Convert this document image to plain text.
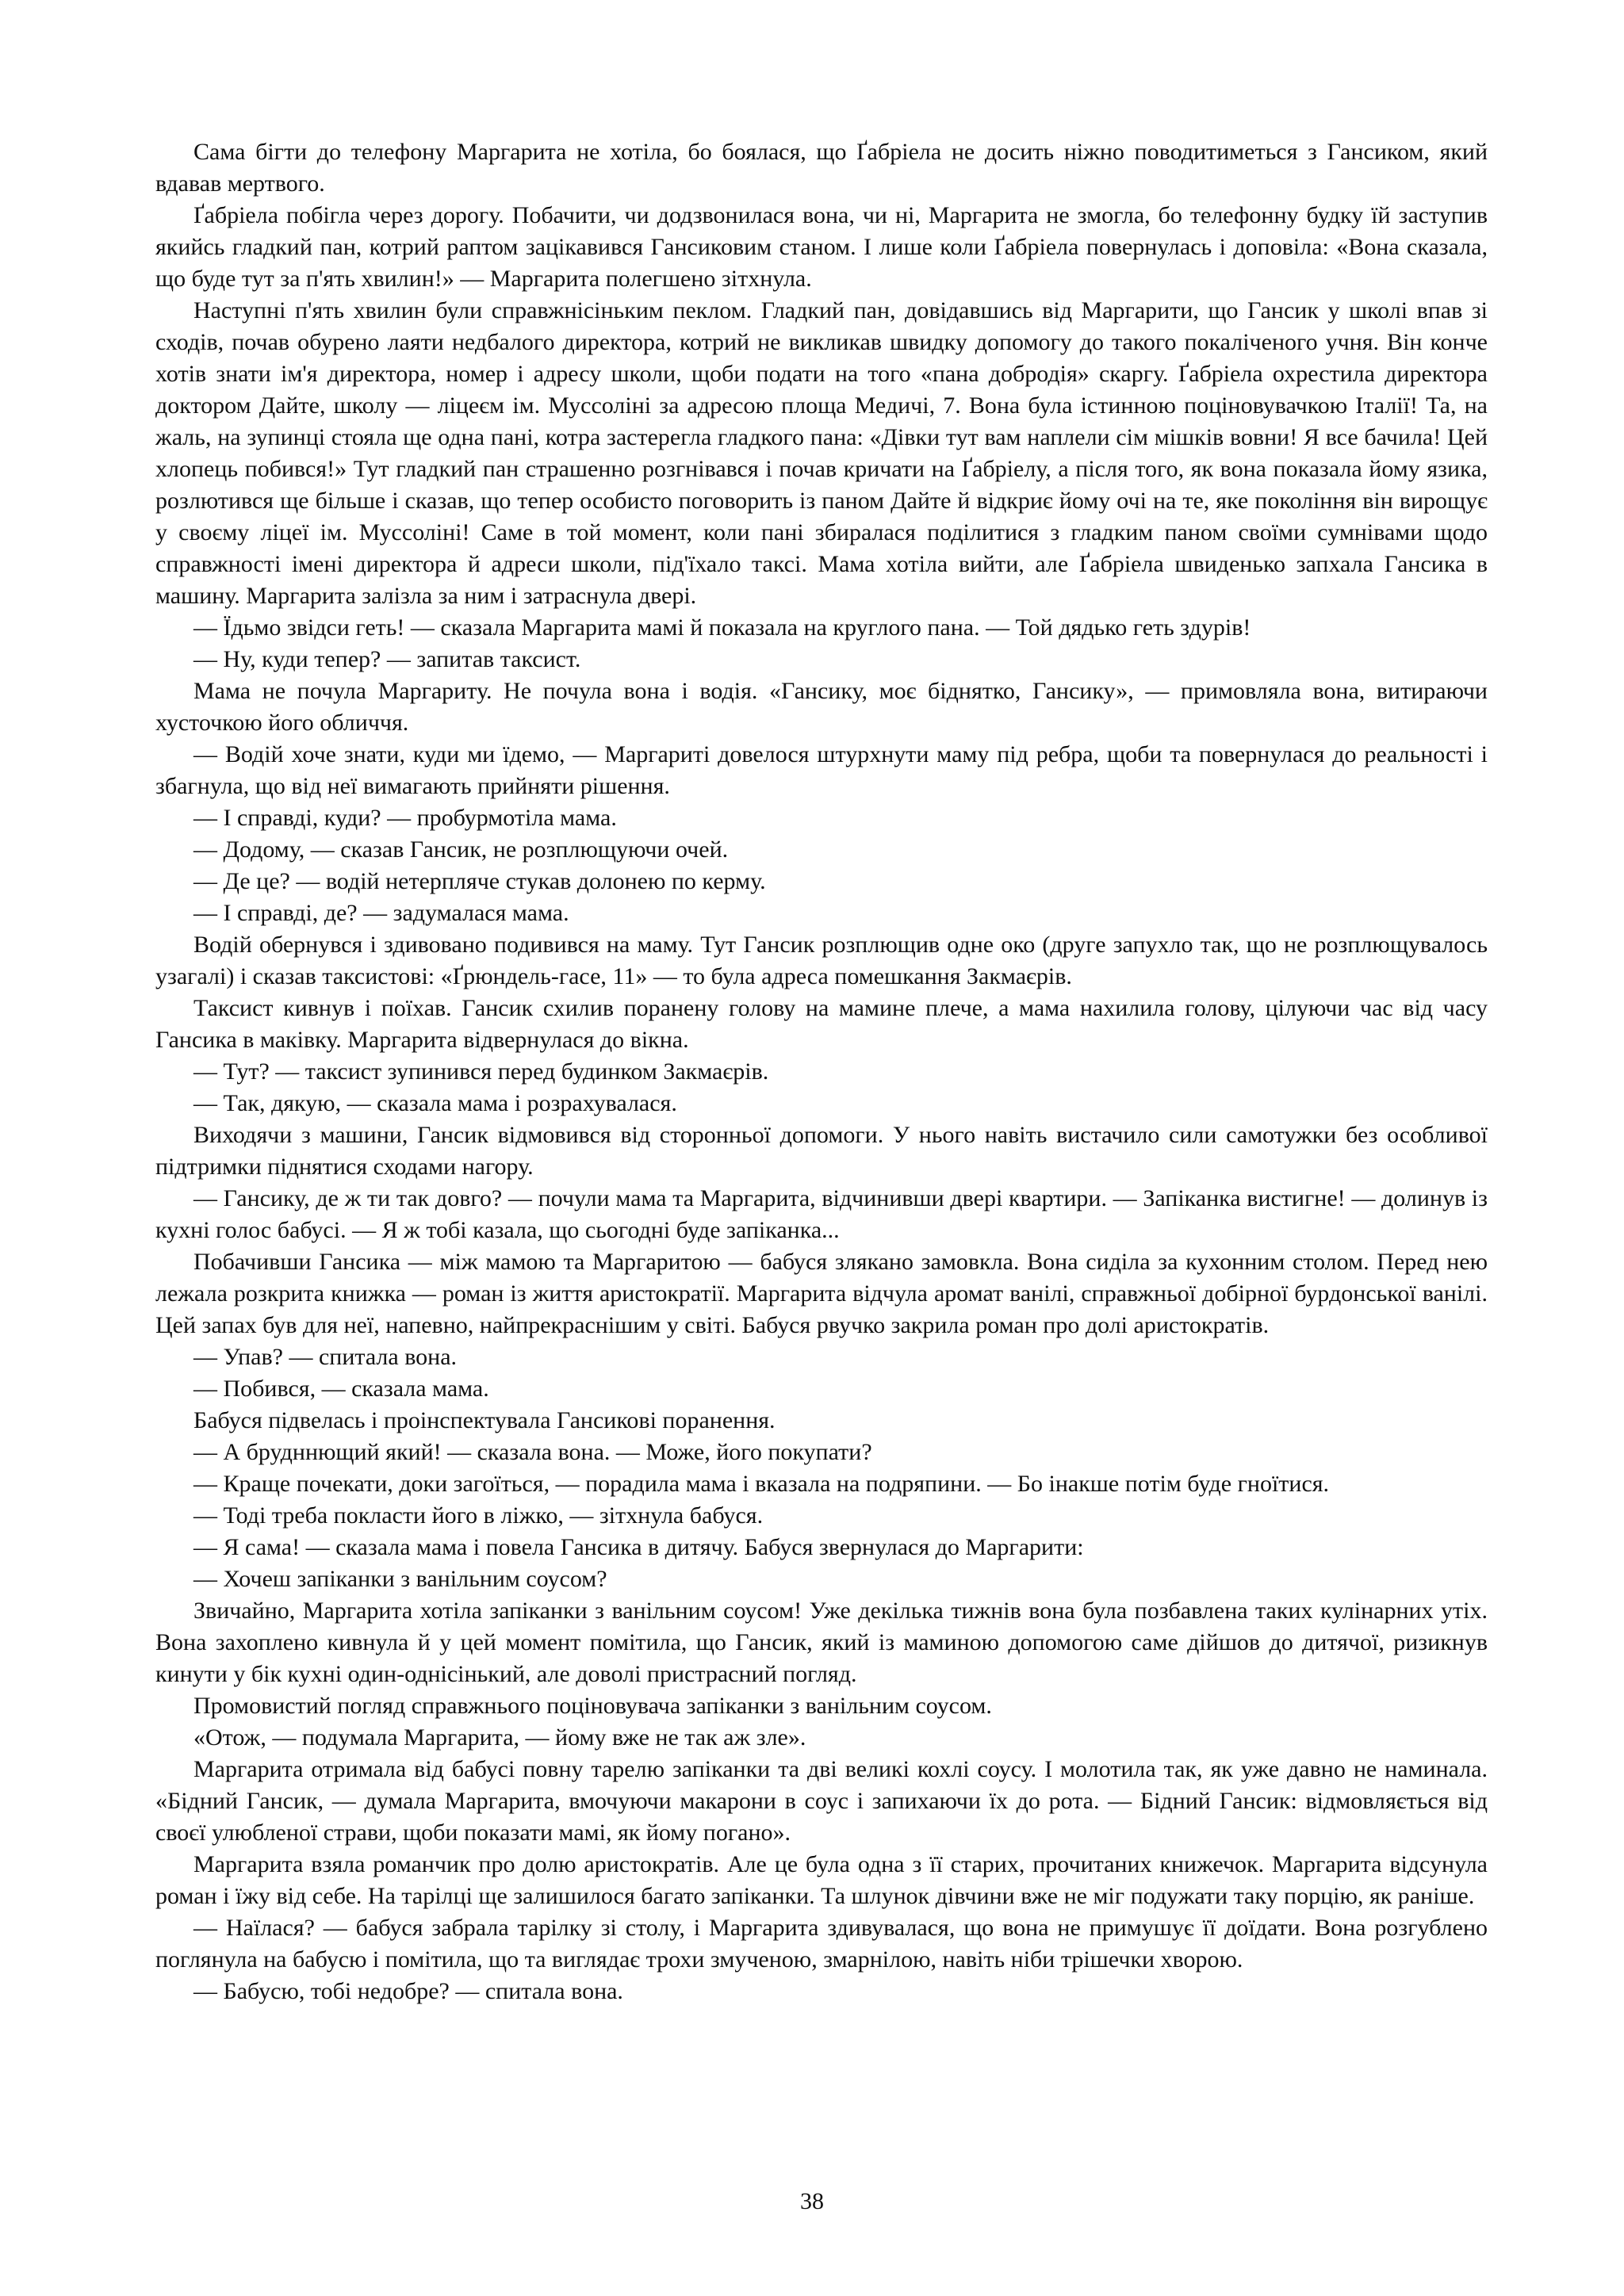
Сама бігти до телефону Маргарита не хотіла, бо боялася, що Ґабріела не досить ніжно поводитиметься з Гансиком, який вдавав мертвого.

Ґабріела побігла через дорогу. Побачити, чи додзвонилася вона, чи ні, Маргарита не змогла, бо телефонну будку їй заступив якийсь гладкий пан, котрий раптом зацікавився Гансиковим станом. І лише коли Ґабріела повернулась і доповіла: «Вона сказала, що буде тут за п'ять хвилин!» — Маргарита полегшено зітхнула.

Наступні п'ять хвилин були справжнісіньким пеклом. Гладкий пан, довідавшись від Маргарити, що Гансик у школі впав зі сходів, почав обурено лаяти недбалого директора, котрий не викликав швидку допомогу до такого покаліченого учня. Він конче хотів знати ім'я директора, номер і адресу школи, щоби подати на того «пана добродія» скаргу. Ґабріела охрестила директора доктором Дайте, школу — ліцеєм ім. Муссоліні за адресою площа Медичі, 7. Вона була істинною поціновувачкою Італії! Та, на жаль, на зупинці стояла ще одна пані, котра застерегла гладкого пана: «Дівки тут вам наплели сім мішків вовни! Я все бачила! Цей хлопець побився!» Тут гладкий пан страшенно розгнівався і почав кричати на Ґабріелу, а після того, як вона показала йому язика, розлютився ще більше і сказав, що тепер особисто поговорить із паном Дайте й відкриє йому очі на те, яке покоління він вирощує у своєму ліцеї ім. Муссоліні! Саме в той момент, коли пані збиралася поділитися з гладким паном своїми сумнівами щодо справжності імені директора й адреси школи, під'їхало таксі. Мама хотіла вийти, але Ґабріела швиденько запхала Гансика в машину. Маргарита залізла за ним і затраснула двері.

— Їдьмо звідси геть! — сказала Маргарита мамі й показала на круглого пана. — Той дядько геть здурів!

— Ну, куди тепер? — запитав таксист.

Мама не почула Маргариту. Не почула вона і водія. «Гансику, моє біднятко, Гансику», — примовляла вона, витираючи хусточкою його обличчя.

— Водій хоче знати, куди ми їдемо, — Маргариті довелося штурхнути маму під ребра, щоби та повернулася до реальності і збагнула, що від неї вимагають прийняти рішення.

— І справді, куди? — пробурмотіла мама.

— Додому, — сказав Гансик, не розплющуючи очей.

— Де це? — водій нетерпляче стукав долонею по керму.

— І справді, де? — задумалася мама.

Водій обернувся і здивовано подивився на маму. Тут Гансик розплющив одне око (друге запухло так, що не розплющувалось узагалі) і сказав таксистові: «Ґрюндель-гасе, 11» — то була адреса помешкання Закмаєрів.

Таксист кивнув і поїхав. Гансик схилив поранену голову на мамине плече, а мама нахилила голову, цілуючи час від часу Гансика в маківку. Маргарита відвернулася до вікна.

— Тут? — таксист зупинився перед будинком Закмаєрів.

— Так, дякую, — сказала мама і розрахувалася.

Виходячи з машини, Гансик відмовився від сторонньої допомоги. У нього навіть вистачило сили самотужки без особливої підтримки піднятися сходами нагору.

— Гансику, де ж ти так довго? — почули мама та Маргарита, відчинивши двері квартири. — Запіканка вистигне! — долинув із кухні голос бабусі. — Я ж тобі казала, що сьогодні буде запіканка...

Побачивши Гансика — між мамою та Маргаритою — бабуся злякано замовкла. Вона сиділа за кухонним столом. Перед нею лежала розкрита книжка — роман із життя аристократії. Маргарита відчула аромат ванілі, справжньої добірної бурдонської ванілі. Цей запах був для неї, напевно, найпрекраснішим у світі. Бабуся рвучко закрила роман про долі аристократів.

— Упав? — спитала вона.

— Побився, — сказала мама.

Бабуся підвелась і проінспектувала Гансикові поранення.

— А брудннющий який! — сказала вона. — Може, його покупати?

— Краще почекати, доки загоїться, — порадила мама і вказала на подряпини. — Бо інакше потім буде гноїтися.

— Тоді треба покласти його в ліжко, — зітхнула бабуся.

— Я сама! — сказала мама і повела Гансика в дитячу. Бабуся звернулася до Маргарити:

— Хочеш запіканки з ванільним соусом?

Звичайно, Маргарита хотіла запіканки з ванільним соусом! Уже декілька тижнів вона була позбавлена таких кулінарних утіх. Вона захоплено кивнула й у цей момент помітила, що Гансик, який із маминою допомогою саме дійшов до дитячої, ризикнув кинути у бік кухні один-однісінький, але доволі пристрасний погляд.

Промовистий погляд справжнього поціновувача запіканки з ванільним соусом.

«Отож, — подумала Маргарита, — йому вже не так аж зле».

Маргарита отримала від бабусі повну тарелю запіканки та дві великі кохлі соусу. І молотила так, як уже давно не наминала. «Бідний Гансик, — думала Маргарита, вмочуючи макарони в соус і запихаючи їх до рота. — Бідний Гансик: відмовляється від своєї улюбленої страви, щоби показати мамі, як йому погано».

Маргарита взяла романчик про долю аристократів. Але це була одна з її старих, прочитаних книжечок. Маргарита відсунула роман і їжу від себе. На тарілці ще залишилося багато запіканки. Та шлунок дівчини вже не міг подужати таку порцію, як раніше.

— Наїлася? — бабуся забрала тарілку зі столу, і Маргарита здивувалася, що вона не примушує її доїдати. Вона розгублено поглянула на бабусю і помітила, що та виглядає трохи змученою, змарнілою, навіть ніби трішечки хворою.

— Бабусю, тобі недобре? — спитала вона.

38
